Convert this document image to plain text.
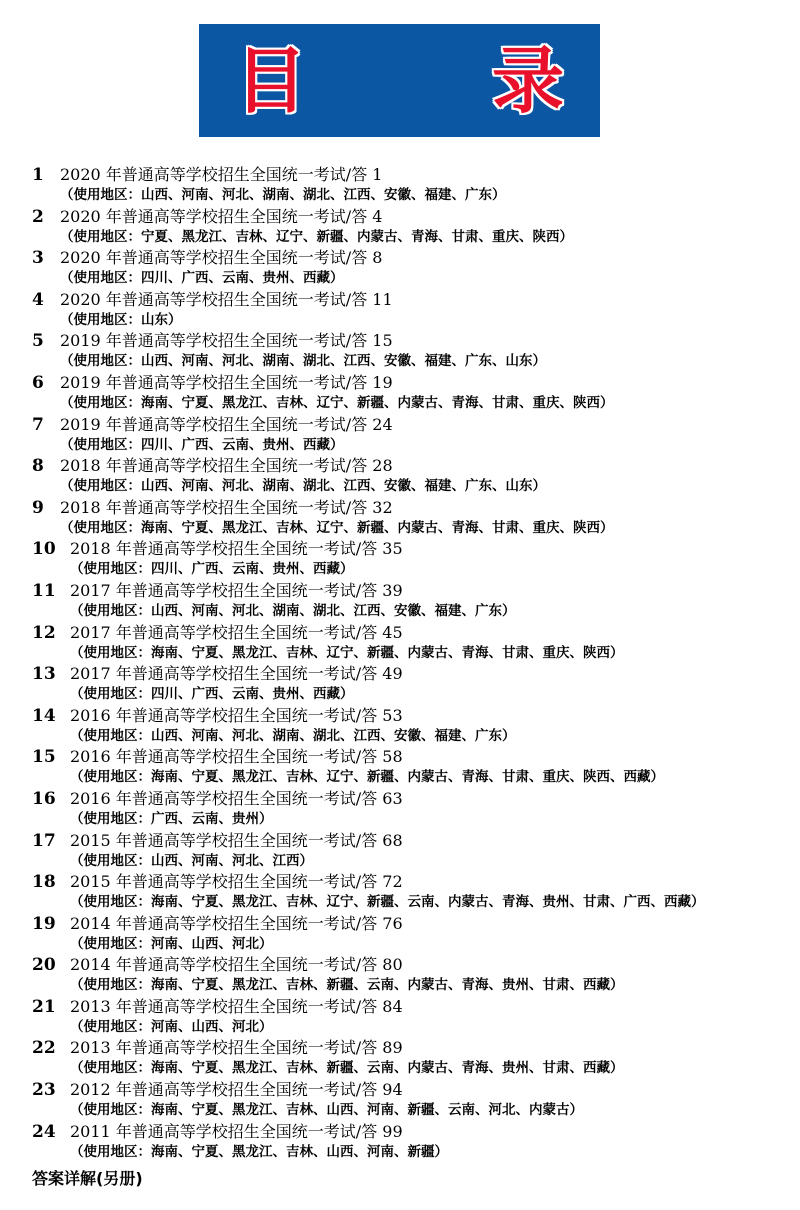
目 录
1 2020 年普通高等学校招生全国统一考试/答 1
（使用地区：山西、河南、河北、湖南、湖北、江西、安徽、福建、广东）
2 2020 年普通高等学校招生全国统一考试/答 4
（使用地区：宁夏、黑龙江、吉林、辽宁、新疆、内蒙古、青海、甘肃、重庆、陕西）
3 2020 年普通高等学校招生全国统一考试/答 8
（使用地区：四川、广西、云南、贵州、西藏）
4 2020 年普通高等学校招生全国统一考试/答 11
（使用地区：山东）
5 2019 年普通高等学校招生全国统一考试/答 15
（使用地区：山西、河南、河北、湖南、湖北、江西、安徽、福建、广东、山东）
6 2019 年普通高等学校招生全国统一考试/答 19
（使用地区：海南、宁夏、黑龙江、吉林、辽宁、新疆、内蒙古、青海、甘肃、重庆、陕西）
7 2019 年普通高等学校招生全国统一考试/答 24
（使用地区：四川、广西、云南、贵州、西藏）
8 2018 年普通高等学校招生全国统一考试/答 28
（使用地区：山西、河南、河北、湖南、湖北、江西、安徽、福建、广东、山东）
9 2018 年普通高等学校招生全国统一考试/答 32
（使用地区：海南、宁夏、黑龙江、吉林、辽宁、新疆、内蒙古、青海、甘肃、重庆、陕西）
10 2018 年普通高等学校招生全国统一考试/答 35
（使用地区：四川、广西、云南、贵州、西藏）
11 2017 年普通高等学校招生全国统一考试/答 39
（使用地区：山西、河南、河北、湖南、湖北、江西、安徽、福建、广东）
12 2017 年普通高等学校招生全国统一考试/答 45
（使用地区：海南、宁夏、黑龙江、吉林、辽宁、新疆、内蒙古、青海、甘肃、重庆、陕西）
13 2017 年普通高等学校招生全国统一考试/答 49
（使用地区：四川、广西、云南、贵州、西藏）
14 2016 年普通高等学校招生全国统一考试/答 53
（使用地区：山西、河南、河北、湖南、湖北、江西、安徽、福建、广东）
15 2016 年普通高等学校招生全国统一考试/答 58
（使用地区：海南、宁夏、黑龙江、吉林、辽宁、新疆、内蒙古、青海、甘肃、重庆、陕西、西藏）
16 2016 年普通高等学校招生全国统一考试/答 63
（使用地区：广西、云南、贵州）
17 2015 年普通高等学校招生全国统一考试/答 68
（使用地区：山西、河南、河北、江西）
18 2015 年普通高等学校招生全国统一考试/答 72
（使用地区：海南、宁夏、黑龙江、吉林、辽宁、新疆、云南、内蒙古、青海、贵州、甘肃、广西、西藏）
19 2014 年普通高等学校招生全国统一考试/答 76
（使用地区：河南、山西、河北）
20 2014 年普通高等学校招生全国统一考试/答 80
（使用地区：海南、宁夏、黑龙江、吉林、新疆、云南、内蒙古、青海、贵州、甘肃、西藏）
21 2013 年普通高等学校招生全国统一考试/答 84
（使用地区：河南、山西、河北）
22 2013 年普通高等学校招生全国统一考试/答 89
（使用地区：海南、宁夏、黑龙江、吉林、新疆、云南、内蒙古、青海、贵州、甘肃、西藏）
23 2012 年普通高等学校招生全国统一考试/答 94
（使用地区：海南、宁夏、黑龙江、吉林、山西、河南、新疆、云南、河北、内蒙古）
24 2011 年普通高等学校招生全国统一考试/答 99
（使用地区：海南、宁夏、黑龙江、吉林、山西、河南、新疆）
答案详解(另册)
